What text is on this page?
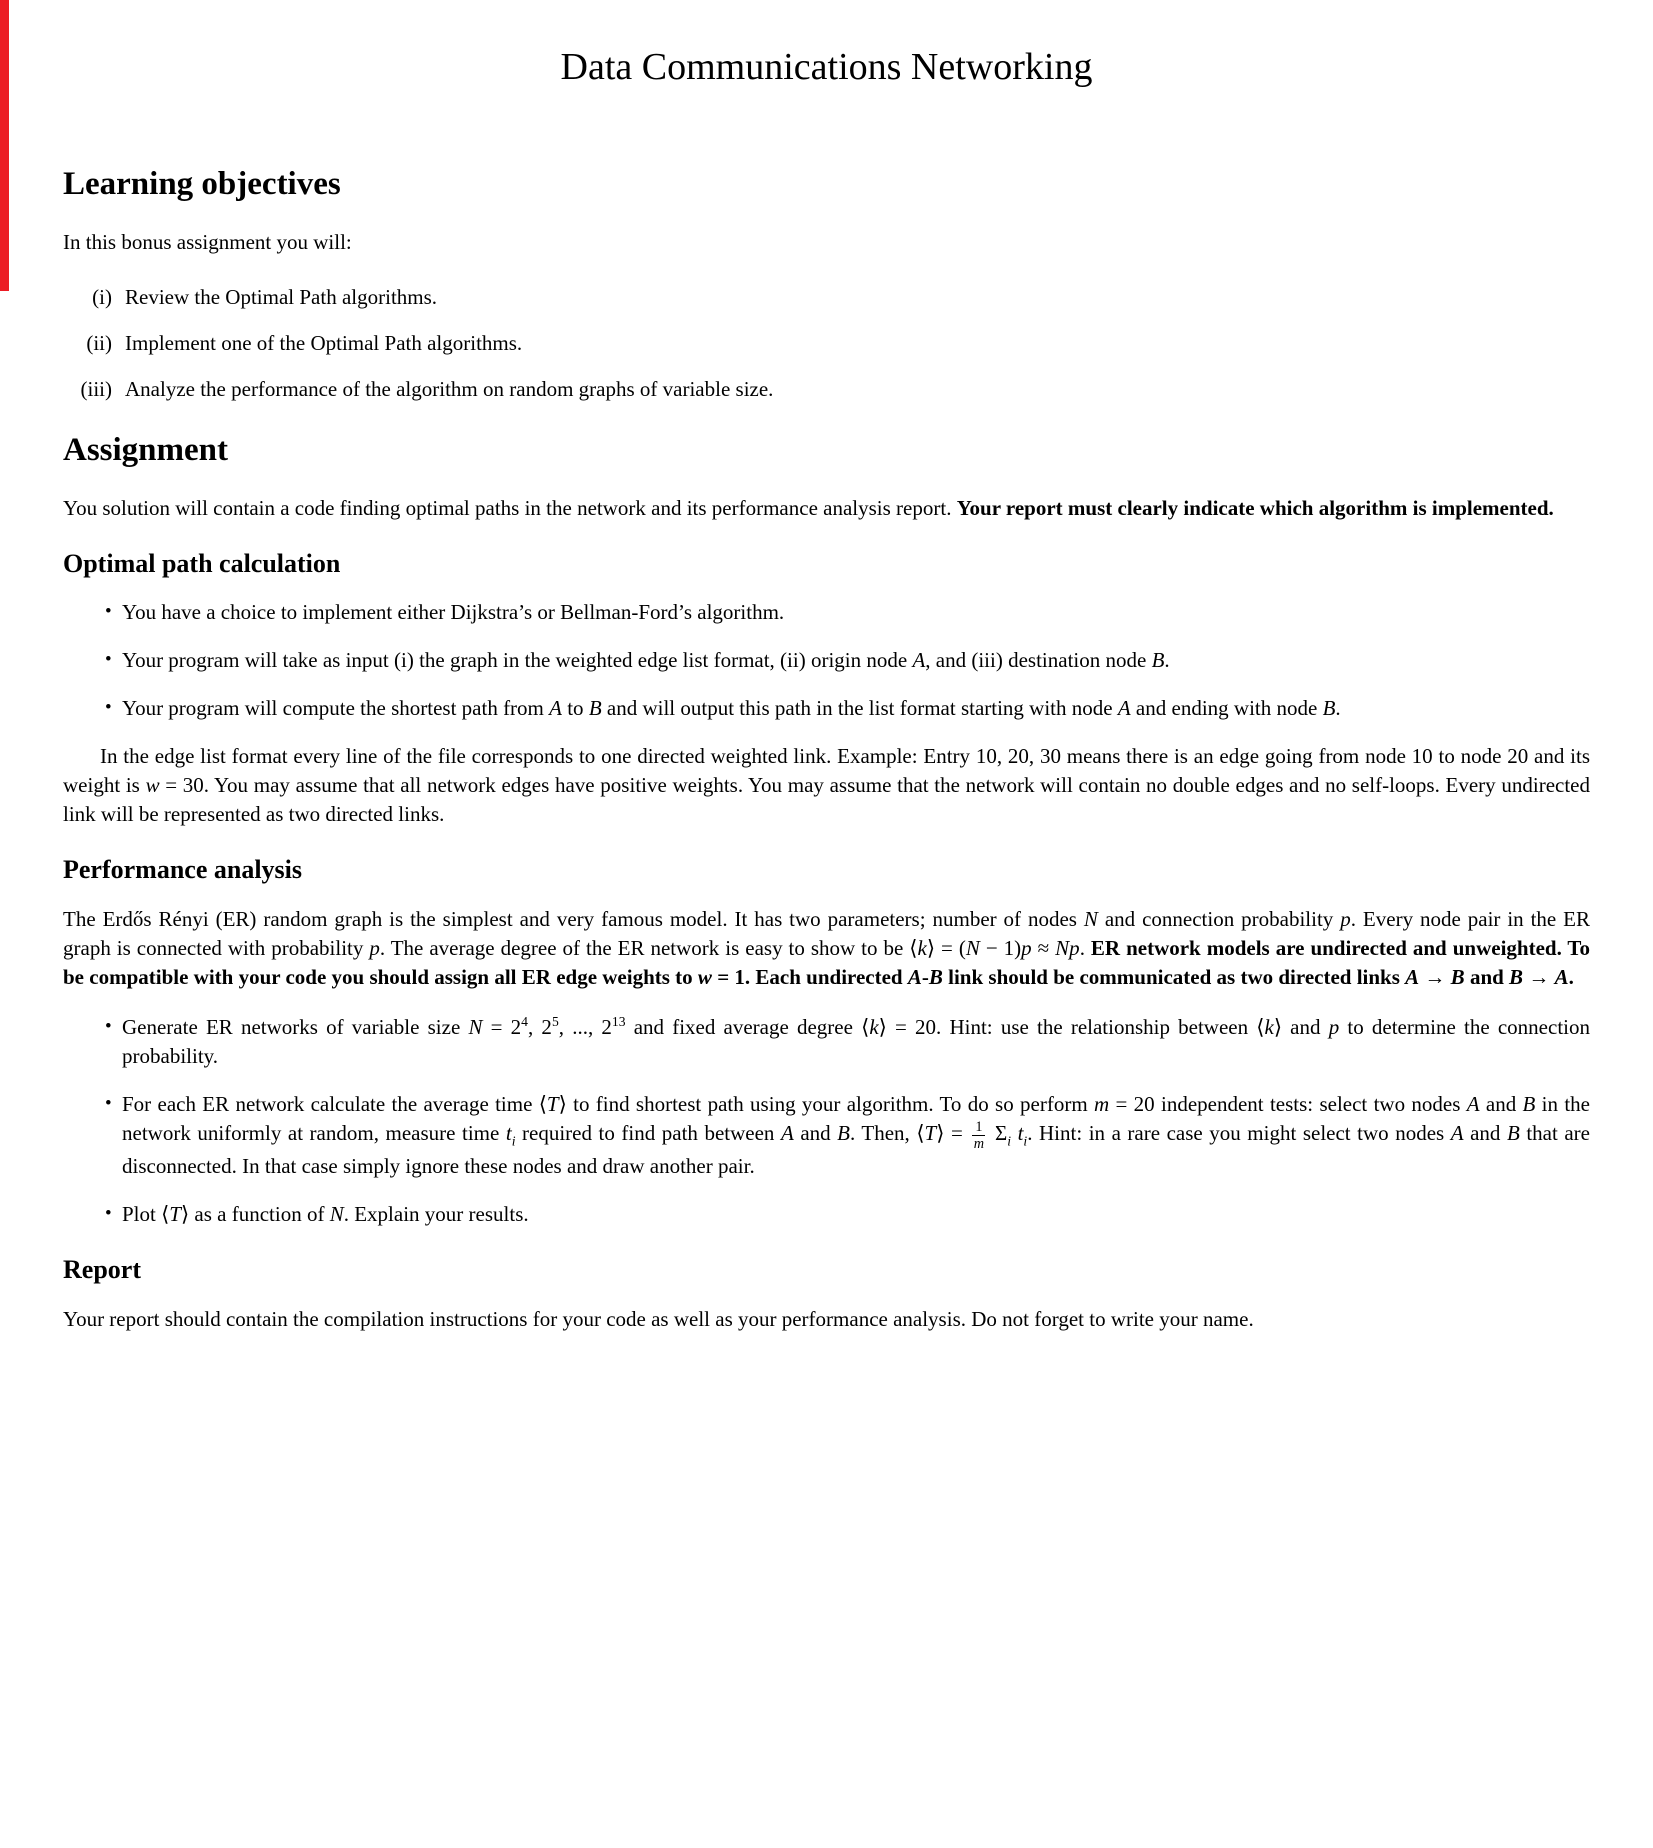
Data Communications Networking
Learning objectives

In this bonus assignment you will:

(i) Review the Optimal Path algorithms.
(ii) Implement one of the Optimal Path algorithms.
(iii) Analyze the performance of the algorithm on random graphs of variable size.
Assignment

You solution will contain a code finding optimal paths in the network and its performance analysis report. Your report must clearly indicate which algorithm is implemented.

Optimal path calculation
• You have a choice to implement either Dijkstra’s or Bellman-Ford’s algorithm.
• Your program will take as input (i) the graph in the weighted edge list format, (ii) origin node A, and (iii) destination node B.
• Your program will compute the shortest path from A to B and will output this path in the list format starting with node A and ending with node B.

In the edge list format every line of the file corresponds to one directed weighted link. Example: Entry 10, 20, 30 means there is an edge going from node 10 to node 20 and its weight is w = 30. You may assume that all network edges have positive weights. You may assume that the network will contain no double edges and no self-loops. Every undirected link will be represented as two directed links.

Performance analysis

The Erdős Rényi (ER) random graph is the simplest and very famous model. It has two parameters; number of nodes N and connection probability p. Every node pair in the ER graph is connected with probability p. The average degree of the ER network is easy to show to be ⟨k⟩ = (N − 1)p ≈ Np. ER network models are undirected and unweighted. To be compatible with your code you should assign all ER edge weights to w = 1. Each undirected A-B link should be communicated as two directed links A → B and B → A.

• Generate ER networks of variable size $N = 2^4$, $2^5$, ..., $2^{13}$ and fixed average degree ⟨k⟩ = 20. Hint: use the relationship between ⟨k⟩ and p to determine the connection probability.
• For each ER network calculate the average time ⟨T⟩ to find shortest path using your algorithm. To do so perform m = 20 independent tests: select two nodes A and B in the network uniformly at random, measure time $t_i$ required to find path between A and B. Then, ⟨T⟩ = $\frac{1}{m} \Sigma_i$ $t_i$. Hint: in a rare case you might select two nodes A and B that are disconnected. In that case simply ignore these nodes and draw another pair.
• Plot ⟨T⟩ as a function of N. Explain your results.
Report

Your report should contain the compilation instructions for your code as well as your performance analysis. Do not forget to write your name.
